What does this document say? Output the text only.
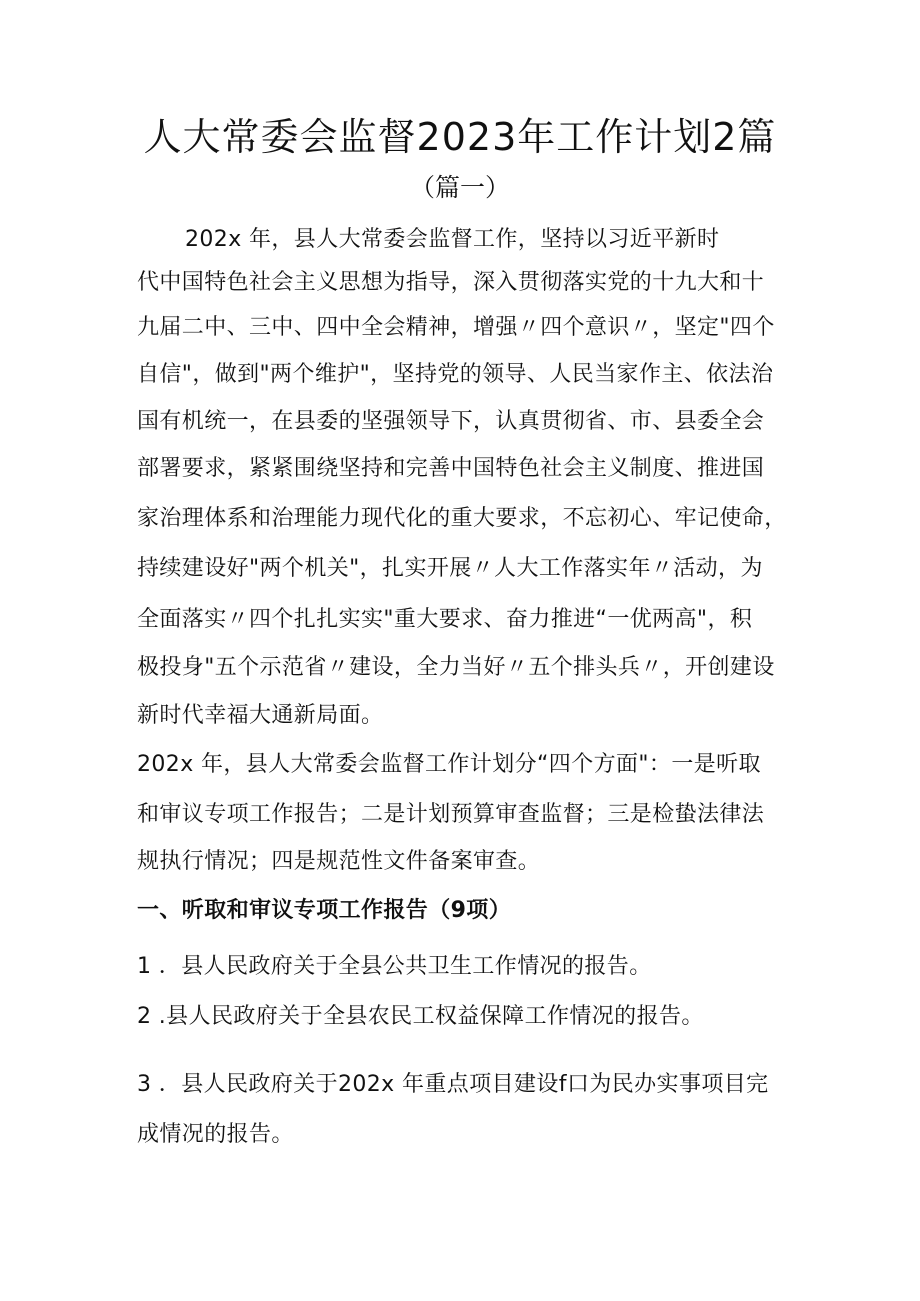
人大常委会监督2023年工作计划2篇
（篇一）
202x 年，县人大常委会监督工作，坚持以习近平新时
代中国特色社会主义思想为指导，深入贯彻落实党的十九大和十
九届二中、三中、四中全会精神，增强〃四个意识〃，坚定"四个
自信"，做到"两个维护"，坚持党的领导、人民当家作主、依法治
国有机统一，在县委的坚强领导下，认真贯彻省、市、县委全会
部署要求，紧紧围绕坚持和完善中国特色社会主义制度、推进国
家治理体系和治理能力现代化的重大要求，不忘初心、牢记使命，
持续建设好"两个机关"，扎实开展〃人大工作落实年〃活动，为
全面落实〃四个扎扎实实"重大要求、奋力推进“一优两高"，积
极投身"五个示范省〃建设，全力当好〃五个排头兵〃，开创建设
新时代幸福大通新局面。
202x 年，县人大常委会监督工作计划分“四个方面"：一是听取
和审议专项工作报告；二是计划预算审查监督；三是检蛰法律法
规执行情况；四是规范性文件备案审查。
一、听取和审议专项工作报告（9项）
1 ．县人民政府关于全县公共卫生工作情况的报告。
2 .县人民政府关于全县农民工权益保障工作情况的报告。
3 ．县人民政府关于202x 年重点项目建设f口为民办实事项目完
成情况的报告。
